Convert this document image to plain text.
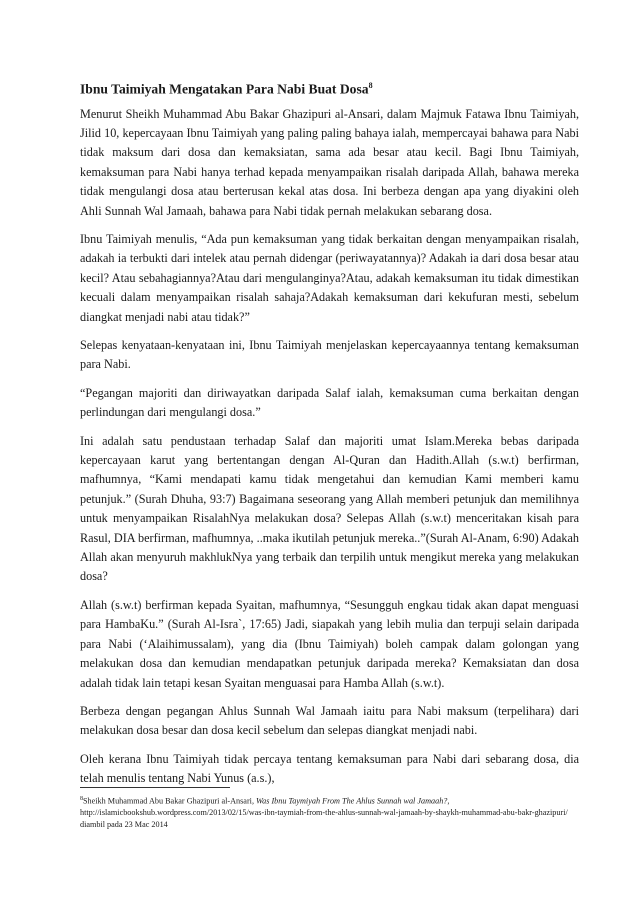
Ibnu Taimiyah Mengatakan Para Nabi Buat Dosa$^8$

Menurut Sheikh Muhammad Abu Bakar Ghazipuri al-Ansari, dalam Majmuk Fatawa Ibnu Taimiyah, Jilid 10, kepercayaan Ibnu Taimiyah yang paling paling bahaya ialah, mempercayai bahawa para Nabi tidak maksum dari dosa dan kemaksiatan, sama ada besar atau kecil. Bagi Ibnu Taimiyah, kemaksuman para Nabi hanya terhad kepada menyampaikan risalah daripada Allah, bahawa mereka tidak mengulangi dosa atau berterusan kekal atas dosa. Ini berbeza dengan apa yang diyakini oleh Ahli Sunnah Wal Jamaah, bahawa para Nabi tidak pernah melakukan sebarang dosa.

Ibnu Taimiyah menulis, “Ada pun kemaksuman yang tidak berkaitan dengan menyampaikan risalah, adakah ia terbukti dari intelek atau pernah didengar (periwayatannya)? Adakah ia dari dosa besar atau kecil? Atau sebahagiannya?Atau dari mengulanginya?Atau, adakah kemaksuman itu tidak dimestikan kecuali dalam menyampaikan risalah sahaja?Adakah kemaksuman dari kekufuran mesti, sebelum diangkat menjadi nabi atau tidak?”

Selepas kenyataan-kenyataan ini, Ibnu Taimiyah menjelaskan kepercayaannya tentang kemaksuman para Nabi.

“Pegangan majoriti dan diriwayatkan daripada Salaf ialah, kemaksuman cuma berkaitan dengan perlindungan dari mengulangi dosa.”

Ini adalah satu pendustaan terhadap Salaf dan majoriti umat Islam.Mereka bebas daripada kepercayaan karut yang bertentangan dengan Al-Quran dan Hadith.Allah (s.w.t) berfirman, mafhumnya, “Kami mendapati kamu tidak mengetahui dan kemudian Kami memberi kamu petunjuk.” (Surah Dhuha, 93:7) Bagaimana seseorang yang Allah memberi petunjuk dan memilihnya untuk menyampaikan RisalahNya melakukan dosa? Selepas Allah (s.w.t) menceritakan kisah para Rasul, DIA berfirman, mafhumnya, ..maka ikutilah petunjuk mereka..”(Surah Al-Anam, 6:90) Adakah Allah akan menyuruh makhlukNya yang terbaik dan terpilih untuk mengikut mereka yang melakukan dosa?

Allah (s.w.t) berfirman kepada Syaitan, mafhumnya, “Sesungguh engkau tidak akan dapat menguasi para HambaKu.” (Surah Al-Isra`, 17:65) Jadi, siapakah yang lebih mulia dan terpuji selain daripada para Nabi (‘Alaihimussalam), yang dia (Ibnu Taimiyah) boleh campak dalam golongan yang melakukan dosa dan kemudian mendapatkan petunjuk daripada mereka? Kemaksiatan dan dosa adalah tidak lain tetapi kesan Syaitan menguasai para Hamba Allah (s.w.t).

Berbeza dengan pegangan Ahlus Sunnah Wal Jamaah iaitu para Nabi maksum (terpelihara) dari melakukan dosa besar dan dosa kecil sebelum dan selepas diangkat menjadi nabi.

Oleh kerana Ibnu Taimiyah tidak percaya tentang kemaksuman para Nabi dari sebarang dosa, dia telah menulis tentang Nabi Yunus (a.s.),

$^8$Sheikh Muhammad Abu Bakar Ghazipuri al-Ansari, Was Ibnu Taymiyah From The Ahlus Sunnah wal Jamaah?, http://islamicbookshub.wordpress.com/2013/02/15/was-ibn-taymiah-from-the-ahlus-sunnah-wal-jamaah-by-shaykh-muhammad-abu-bakr-ghazipuri/ diambil pada 23 Mac 2014
